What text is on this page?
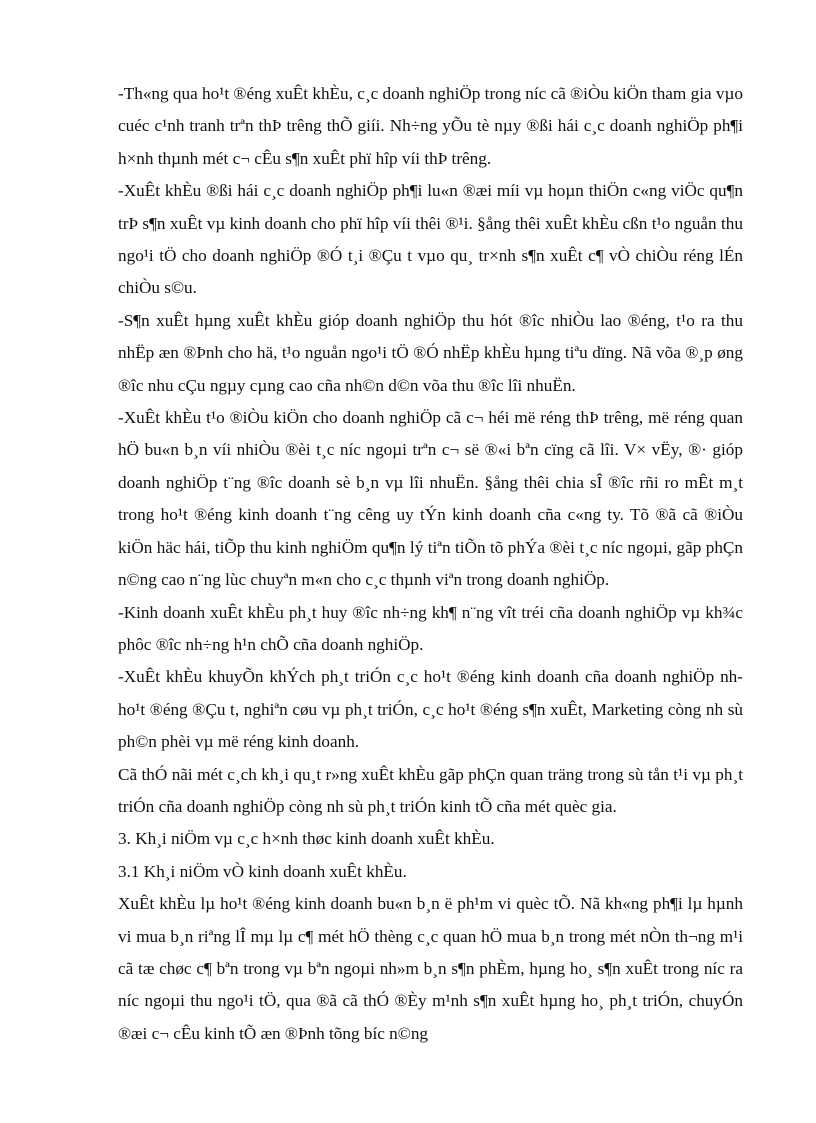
-Th«ng qua ho¹t ®éng xuÊt khÈu, c¸c doanh nghiÖp trong níc cã ®iÒu kiÖn tham gia vµo cuéc c¹nh tranh trªn thÞ trêng thÕ giíi. Nh÷ng yÕu tè nµy ®ßi hái c¸c doanh nghiÖp ph¶i h×nh thµnh mét c¬ cÊu s¶n xuÊt phï hîp víi thÞ trêng.

-XuÊt khÈu ®ßi hái c¸c doanh nghiÖp ph¶i lu«n ®æi míi vµ hoµn thiÖn c«ng viÖc qu¶n trÞ s¶n xuÊt vµ kinh doanh cho phï hîp víi thêi ®¹i. §ång thêi xuÊt khÈu cßn t¹o nguån thu ngo¹i tÖ cho doanh nghiÖp ®Ó t¸i ®Çu t vµo qu¸ tr×nh s¶n xuÊt c¶ vÒ chiÒu réng lÉn chiÒu s©u.

-S¶n xuÊt hµng xuÊt khÈu gióp doanh nghiÖp thu hót ®îc nhiÒu lao ®éng, t¹o ra thu nhËp æn ®Þnh cho hä, t¹o nguån ngo¹i tÖ ®Ó nhËp khÈu hµng tiªu dïng. Nã võa ®¸p øng ®îc nhu cÇu ngµy cµng cao cña nh©n d©n võa thu ®îc lîi nhuËn.

-XuÊt khÈu t¹o ®iÒu kiÖn cho doanh nghiÖp cã c¬ héi më réng thÞ trêng, më réng quan hÖ bu«n b¸n víi nhiÒu ®èi t¸c níc ngoµi trªn c¬ së ®«i bªn cïng cã lîi. V× vËy, ®· gióp doanh nghiÖp t¨ng ®îc doanh sè b¸n vµ lîi nhuËn. §ång thêi chia sÎ ®îc rñi ro mÊt m¸t trong ho¹t ®éng kinh doanh t¨ng cêng uy tÝn kinh doanh cña c«ng ty. Tõ ®ã cã ®iÒu kiÖn häc hái, tiÕp thu kinh nghiÖm qu¶n lý tiªn tiÕn tõ phÝa ®èi t¸c níc ngoµi, gãp phÇn n©ng cao n¨ng lùc chuyªn m«n cho c¸c thµnh viªn trong doanh nghiÖp.

-Kinh doanh xuÊt khÈu ph¸t huy ®îc nh÷ng kh¶ n¨ng vît tréi cña doanh nghiÖp vµ kh¾c phôc ®îc nh÷ng h¹n chÕ cña doanh nghiÖp.

-XuÊt khÈu khuyÕn khÝch ph¸t triÓn c¸c ho¹t ®éng kinh doanh cña doanh nghiÖp nh ho¹t ®éng ®Çu t, nghiªn cøu vµ ph¸t triÓn, c¸c ho¹t ®éng s¶n xuÊt, Marketing còng nh sù ph©n phèi vµ më réng kinh doanh.

Cã thÓ nãi mét c¸ch kh¸i qu¸t r»ng xuÊt khÈu gãp phÇn quan träng trong sù tån t¹i vµ ph¸t triÓn cña doanh nghiÖp còng nh sù ph¸t triÓn kinh tÕ cña mét quèc gia.

3. Kh¸i niÖm vµ c¸c h×nh thøc kinh doanh xuÊt khÈu.

3.1 Kh¸i niÖm vÒ kinh doanh xuÊt khÈu.

XuÊt khÈu lµ ho¹t ®éng kinh doanh bu«n b¸n ë ph¹m vi quèc tÕ. Nã kh«ng ph¶i lµ hµnh vi mua b¸n riªng lÎ mµ lµ c¶ mét hÖ thèng c¸c quan hÖ mua b¸n trong mét nÒn th¬ng m¹i cã tæ chøc c¶ bªn trong vµ bªn ngoµi nh»m b¸n s¶n phÈm, hµng ho¸ s¶n xuÊt trong níc ra níc ngoµi thu ngo¹i tÖ, qua ®ã cã thÓ ®Èy m¹nh s¶n xuÊt hµng ho¸ ph¸t triÓn, chuyÓn ®æi c¬ cÊu kinh tÕ æn ®Þnh tõng bíc n©ng
